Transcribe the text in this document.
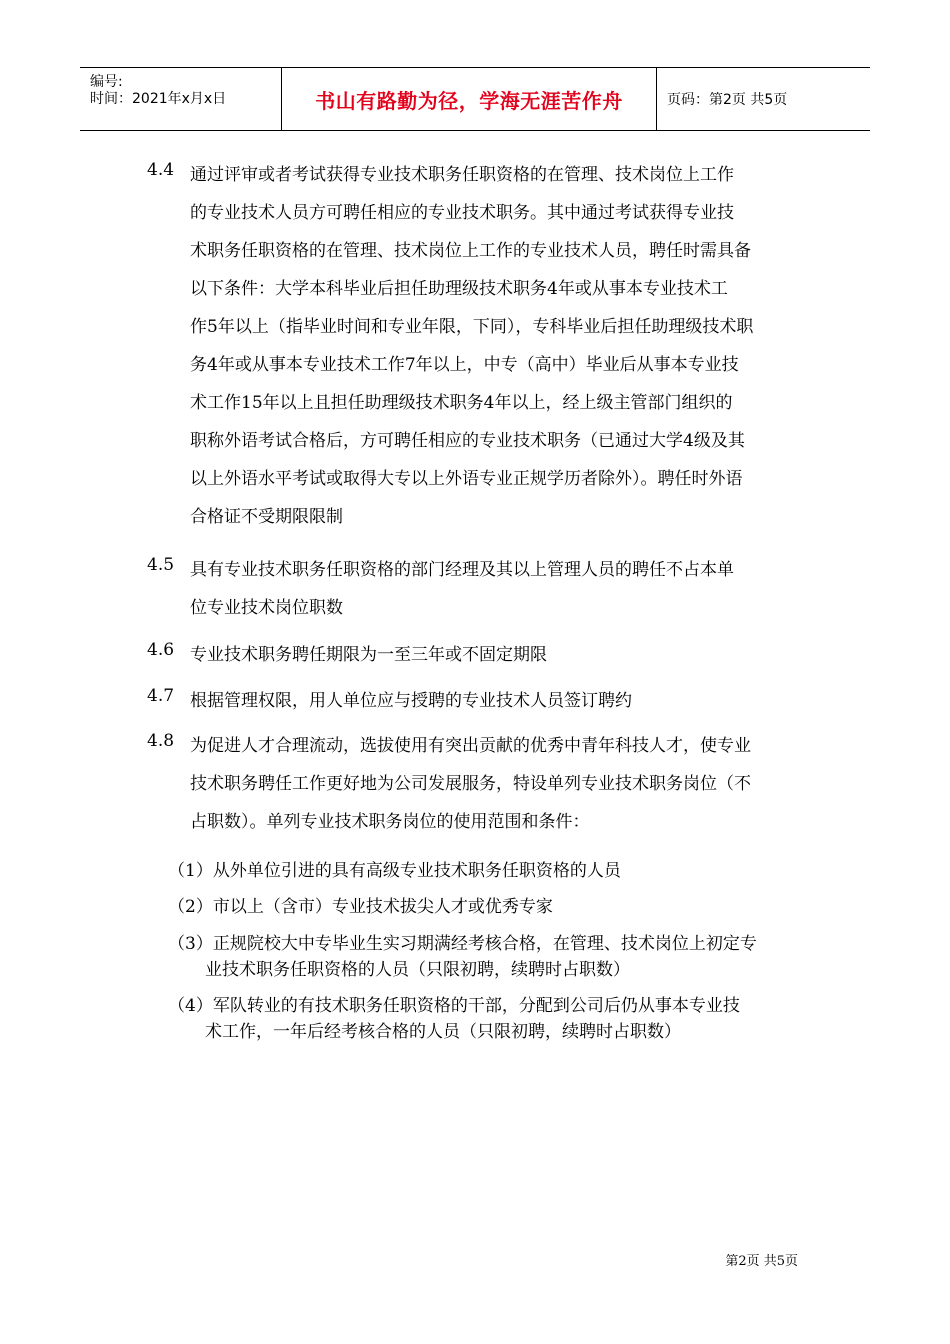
编号:
时间：2021年x月x日	书山有路勤为径，学海无涯苦作舟	页码：第2页 共5页
4.4 通过评审或者考试获得专业技术职务任职资格的在管理、技术岗位上工作
的专业技术人员方可聘任相应的专业技术职务。其中通过考试获得专业技
术职务任职资格的在管理、技术岗位上工作的专业技术人员，聘任时需具备
以下条件：大学本科毕业后担任助理级技术职务4年或从事本专业技术工
作5年以上（指毕业时间和专业年限，下同），专科毕业后担任助理级技术职
务4年或从事本专业技术工作7年以上，中专（高中）毕业后从事本专业技
术工作15年以上且担任助理级技术职务4年以上，经上级主管部门组织的
职称外语考试合格后，方可聘任相应的专业技术职务（已通过大学4级及其
以上外语水平考试或取得大专以上外语专业正规学历者除外）。聘任时外语
合格证不受期限限制
4.5 具有专业技术职务任职资格的部门经理及其以上管理人员的聘任不占本单
位专业技术岗位职数
4.6 专业技术职务聘任期限为一至三年或不固定期限
4.7 根据管理权限，用人单位应与授聘的专业技术人员签订聘约
4.8 为促进人才合理流动，选拔使用有突出贡献的优秀中青年科技人才，使专业
技术职务聘任工作更好地为公司发展服务，特设单列专业技术职务岗位（不
占职数）。单列专业技术职务岗位的使用范围和条件：
（1）从外单位引进的具有高级专业技术职务任职资格的人员
（2）市以上（含市）专业技术拔尖人才或优秀专家
（3）正规院校大中专毕业生实习期满经考核合格，在管理、技术岗位上初定专
业技术职务任职资格的人员（只限初聘，续聘时占职数）
（4）军队转业的有技术职务任职资格的干部，分配到公司后仍从事本专业技
术工作，一年后经考核合格的人员（只限初聘，续聘时占职数）
第2页 共5页
